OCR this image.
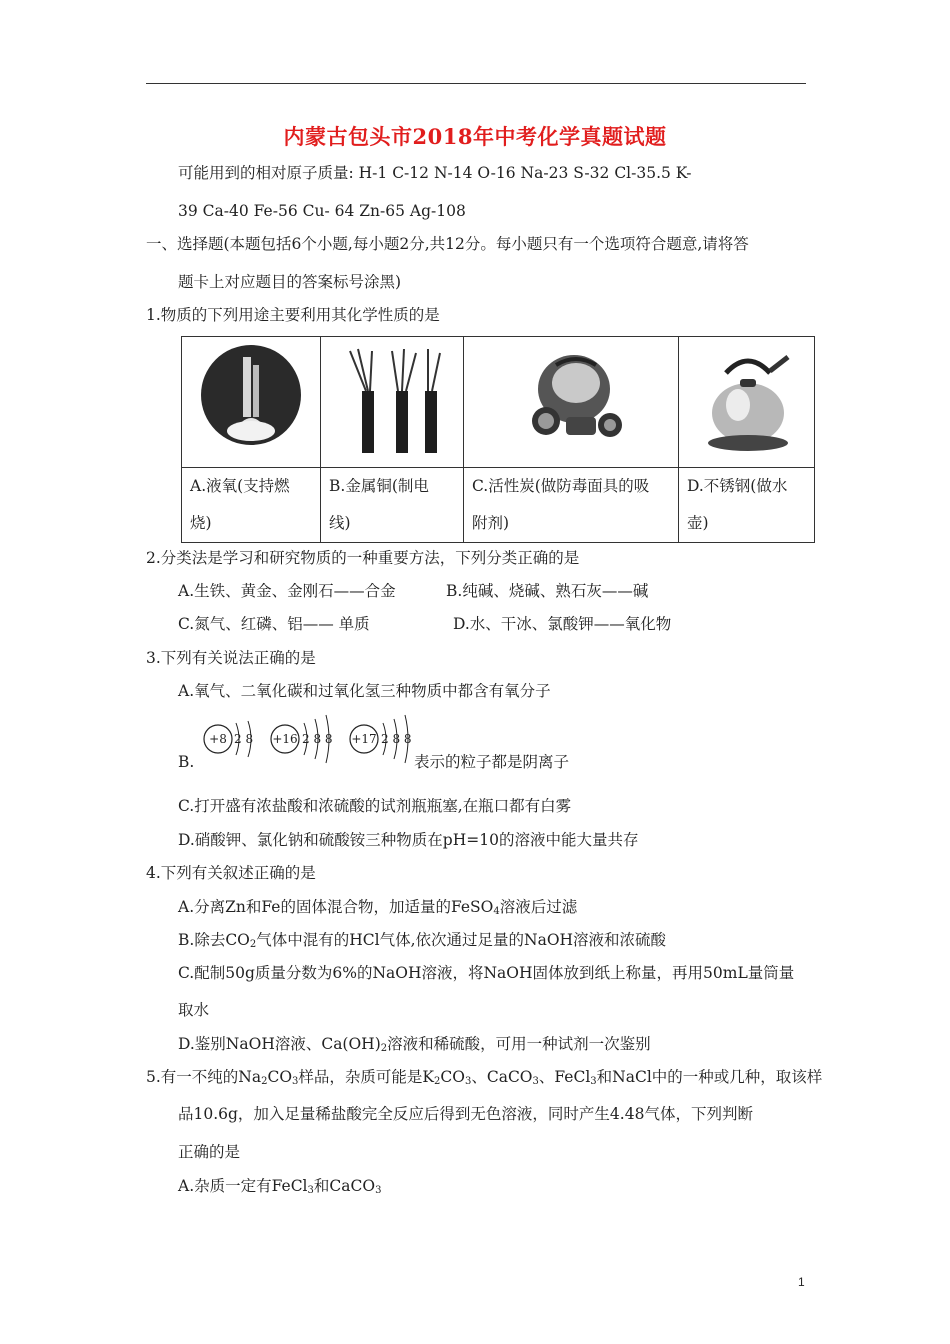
内蒙古包头市2018年中考化学真题试题
可能用到的相对原子质量: H-1 C-12 N-14 O-16 Na-23 S-32 Cl-35.5 K-
39 Ca-40 Fe-56 Cu- 64 Zn-65 Ag-108
一、选择题(本题包括6个小题,每小题2分,共12分。每小题只有一个选项符合题意,请将答
题卡上对应题目的答案标号涂黑)
1.物质的下列用途主要利用其化学性质的是

A.液氧(支持燃
烧)	B.金属铜(制电
线)	C.活性炭(做防毒面具的吸
附剂)	D.不锈钢(做水
壶)
2.分类法是学习和研究物质的一种重要方法，下列分类正确的是
A.生铁、黄金、金刚石——合金	B.纯碱、烧碱、熟石灰——碱
C.氮气、红磷、铝—— 单质	D.水、干冰、氯酸钾——氧化物
3.下列有关说法正确的是
A.氧气、二氧化碳和过氧化氢三种物质中都含有氧分子
+8 2 8 +16 2 8 8 +17 2 8 8
B.	表示的粒子都是阴离子
C.打开盛有浓盐酸和浓硫酸的试剂瓶瓶塞,在瓶口都有白雾
D.硝酸钾、氯化钠和硫酸铵三种物质在pH=10的溶液中能大量共存
4.下列有关叙述正确的是
A.分离Zn和Fe的固体混合物，加适量的FeSO$_4$溶液后过滤
B.除去$CO_2$气体中混有的HCl气体,依次通过足量的NaOH溶液和浓硫酸
C.配制50g质量分数为6%的NaOH溶液，将NaOH固体放到纸上称量，再用50mL量筒量
取水
D.鉴别NaOH溶液、$Ca(OH)_2$溶液和稀硫酸，可用一种试剂一次鉴别
5.有一不纯的$Na_2CO_3$样品，杂质可能是$K_2CO_3$、CaCO$_3$、FeCl$_3$和NaCl中的一种或几种，取该样
品10.6g，加入足量稀盐酸完全反应后得到无色溶液，同时产生4.48气体，下列判断
正确的是
A.杂质一定有FeCl$_3$和CaCO$_3$
1
